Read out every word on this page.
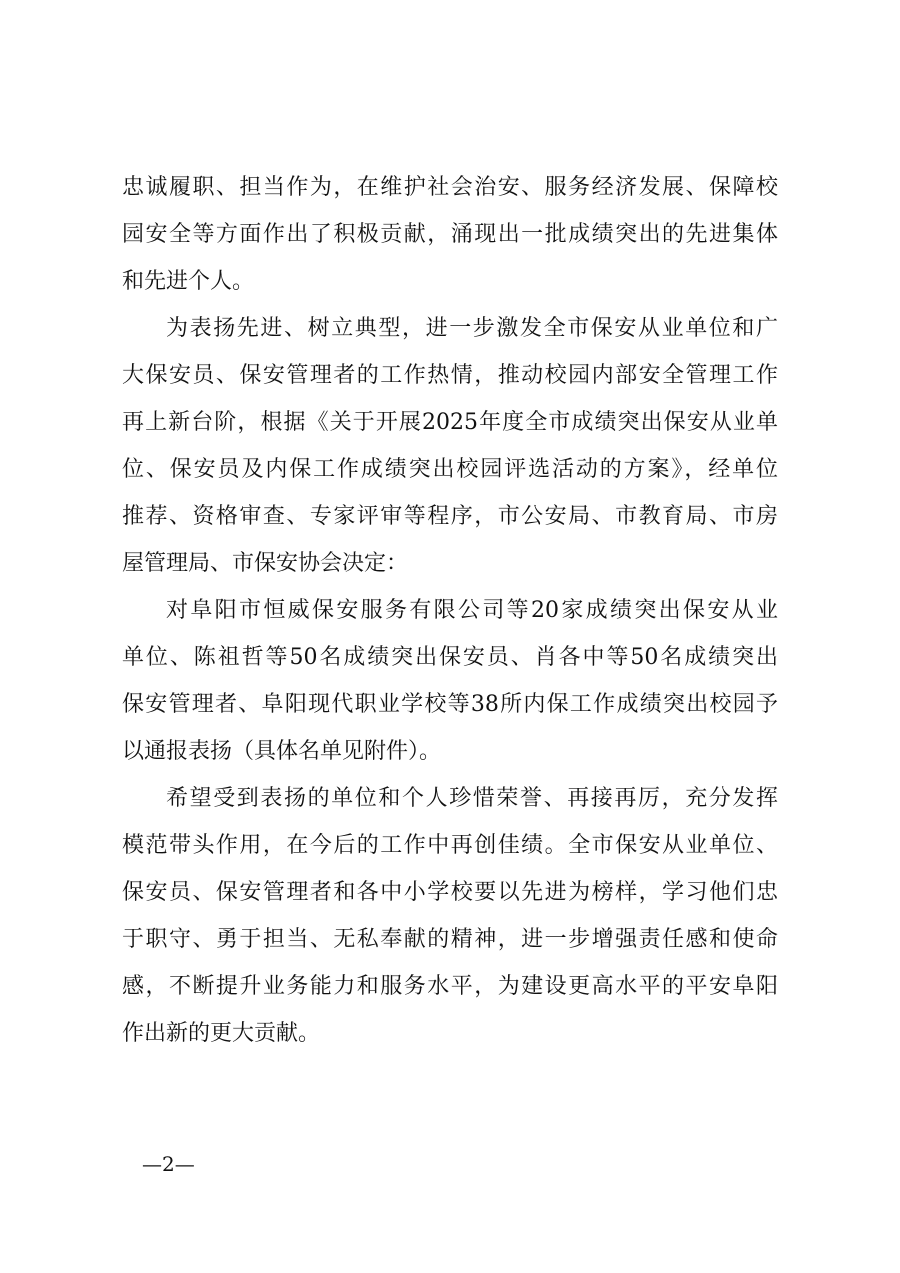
忠诚履职、担当作为，在维护社会治安、服务经济发展、保障校
园安全等方面作出了积极贡献，涌现出一批成绩突出的先进集体
和先进个人。
为表扬先进、树立典型，进一步激发全市保安从业单位和广
大保安员、保安管理者的工作热情，推动校园内部安全管理工作
再上新台阶，根据《关于开展2025年度全市成绩突出保安从业单
位、保安员及内保工作成绩突出校园评选活动的方案》，经单位
推荐、资格审查、专家评审等程序，市公安局、市教育局、市房
屋管理局、市保安协会决定：
对阜阳市恒威保安服务有限公司等20家成绩突出保安从业
单位、陈祖哲等50名成绩突出保安员、肖各中等50名成绩突出
保安管理者、阜阳现代职业学校等38所内保工作成绩突出校园予
以通报表扬（具体名单见附件）。
希望受到表扬的单位和个人珍惜荣誉、再接再厉，充分发挥
模范带头作用，在今后的工作中再创佳绩。全市保安从业单位、
保安员、保安管理者和各中小学校要以先进为榜样，学习他们忠
于职守、勇于担当、无私奉献的精神，进一步增强责任感和使命
感，不断提升业务能力和服务水平，为建设更高水平的平安阜阳
作出新的更大贡献。
—2—
